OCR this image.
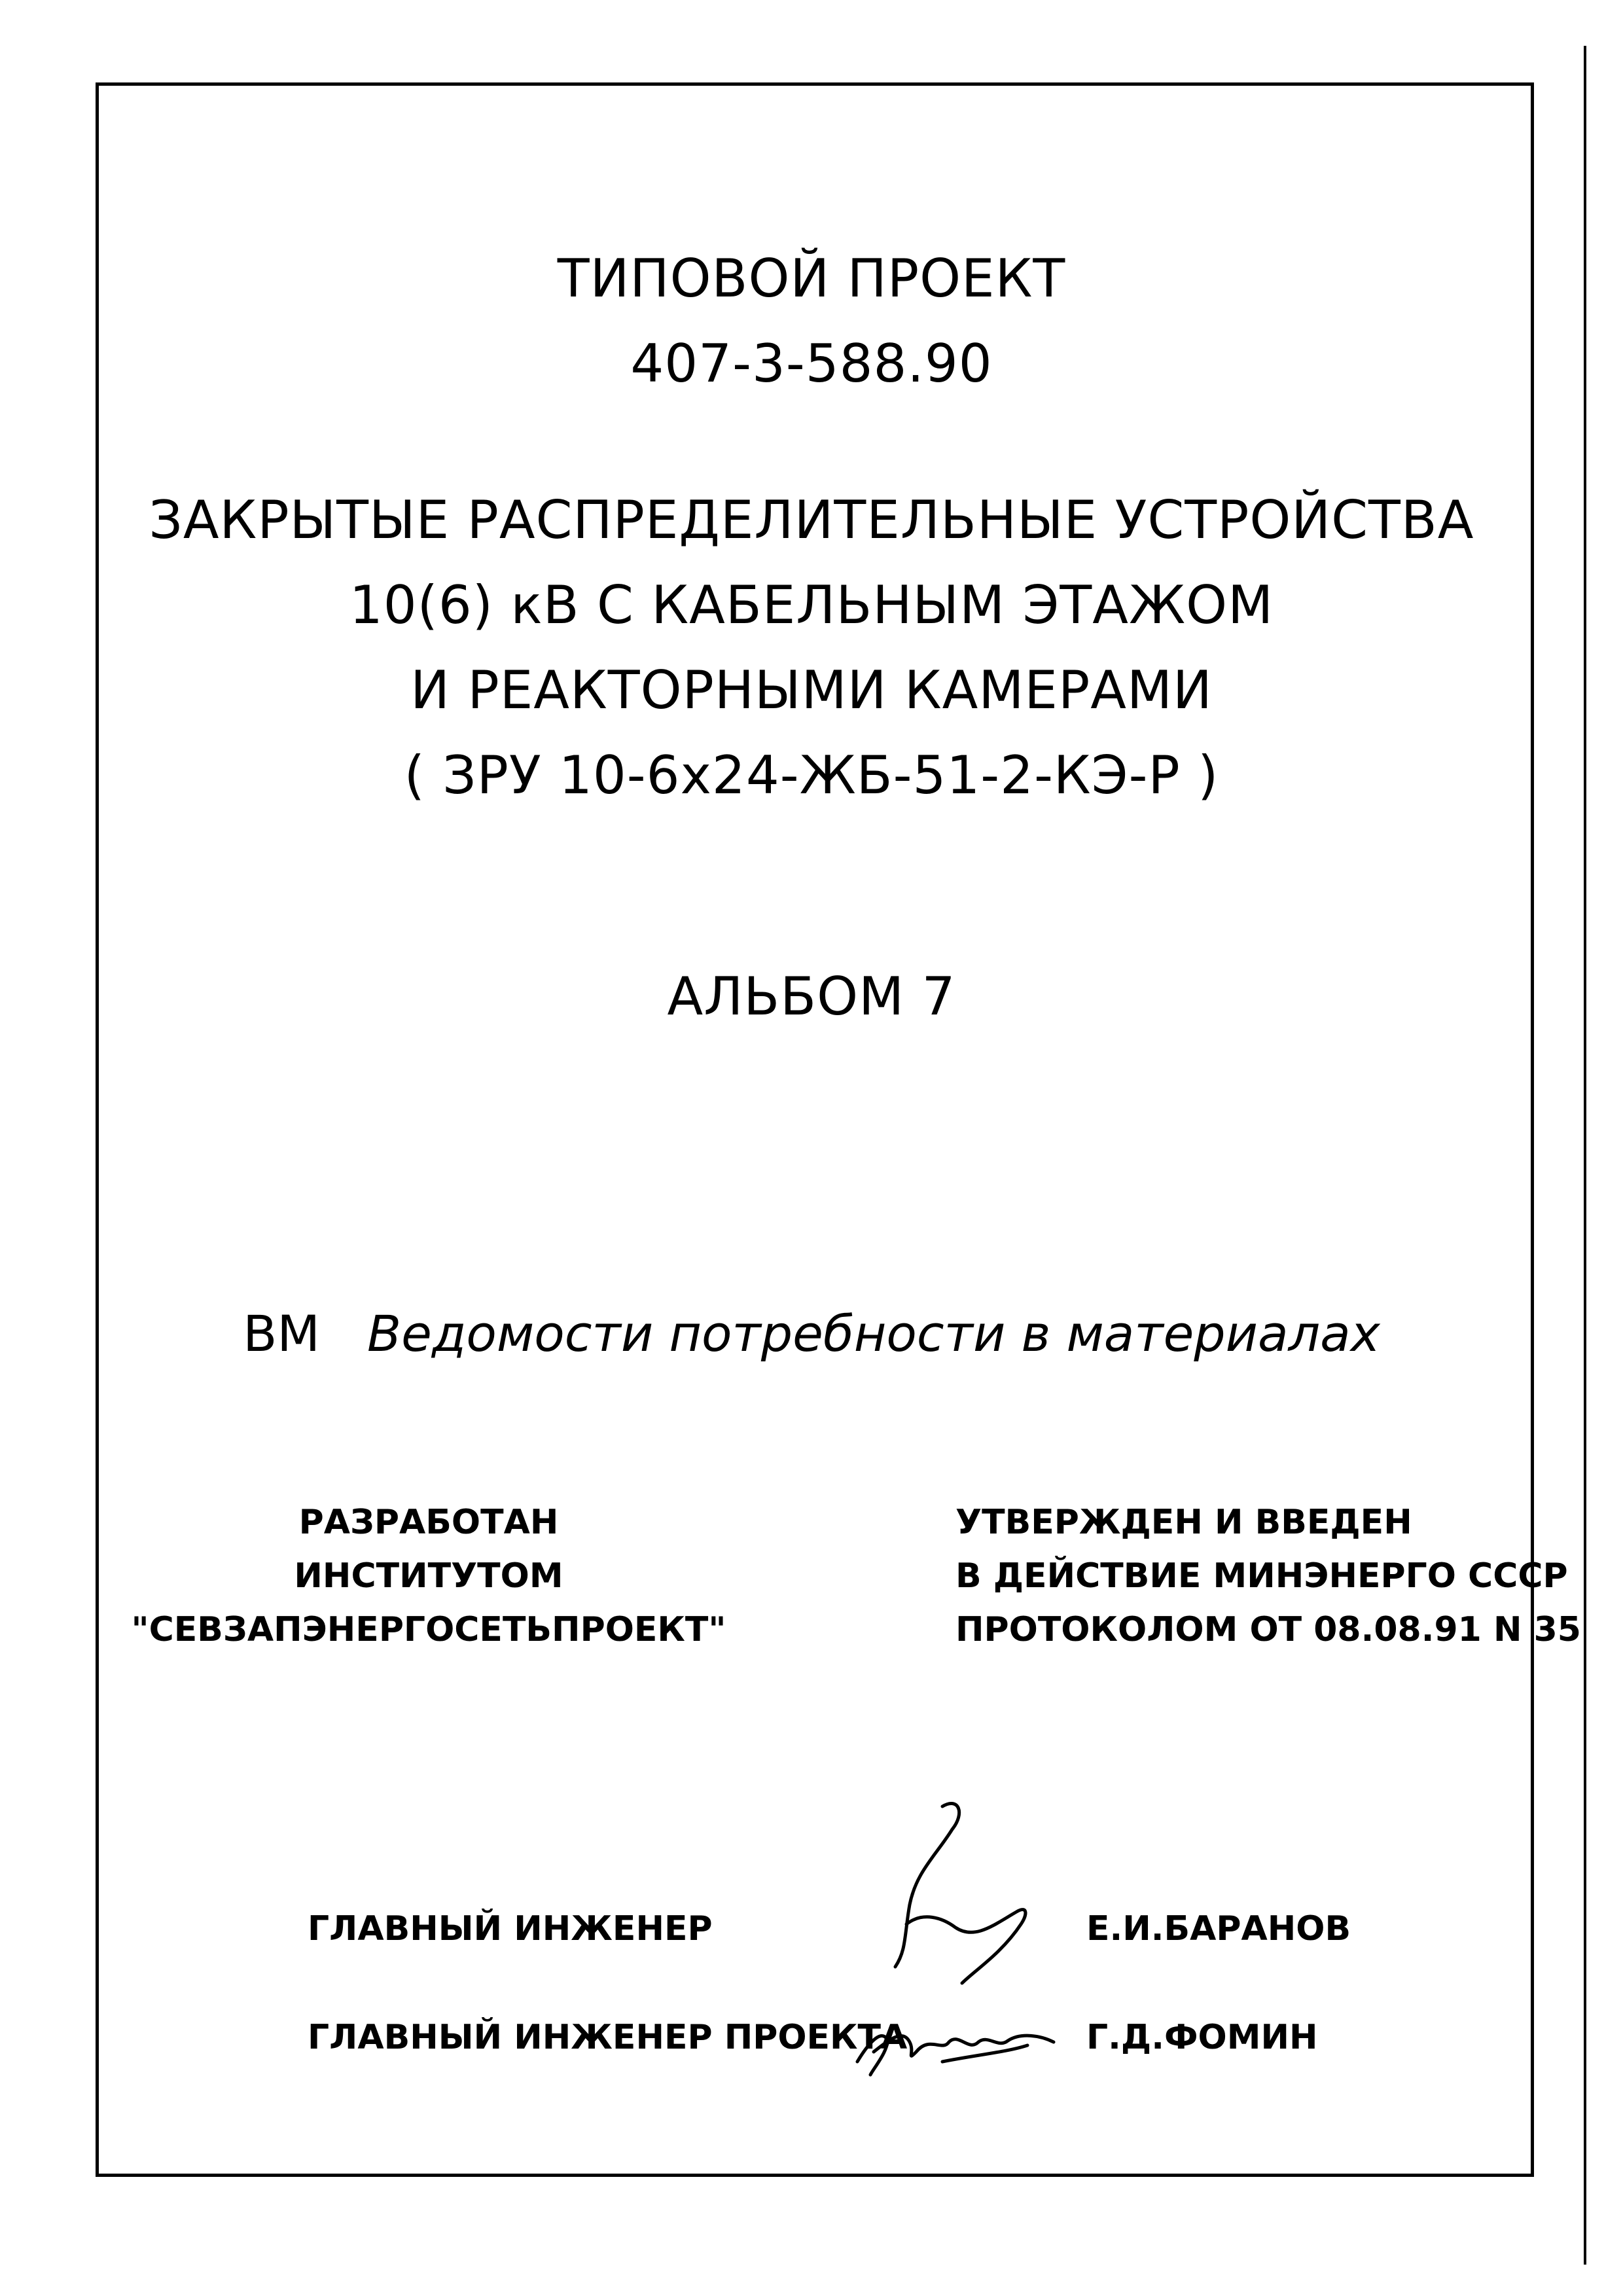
ТИПОВОЙ ПРОЕКТ
407-3-588.90
ЗАКРЫТЫЕ РАСПРЕДЕЛИТЕЛЬНЫЕ УСТРОЙСТВА
10(6) кВ С КАБЕЛЬНЫМ ЭТАЖОМ
И РЕАКТОРНЫМИ КАМЕРАМИ
( ЗРУ 10-6х24-ЖБ-51-2-КЭ-Р )
АЛЬБОМ 7
ВМ Ведомости потребности в материалах
РАЗРАБОТАН
ИНСТИТУТОМ
"СЕВЗАПЭНЕРГОСЕТЬПРОЕКТ"
УТВЕРЖДЕН И ВВЕДЕН
В ДЕЙСТВИЕ МИНЭНЕРГО СССР
ПРОТОКОЛОМ ОТ 08.08.91 N 35
ГЛАВНЫЙ ИНЖЕНЕР	Е.И.БАРАНОВ
ГЛАВНЫЙ ИНЖЕНЕР ПРОЕКТА	Г.Д.ФОМИН
